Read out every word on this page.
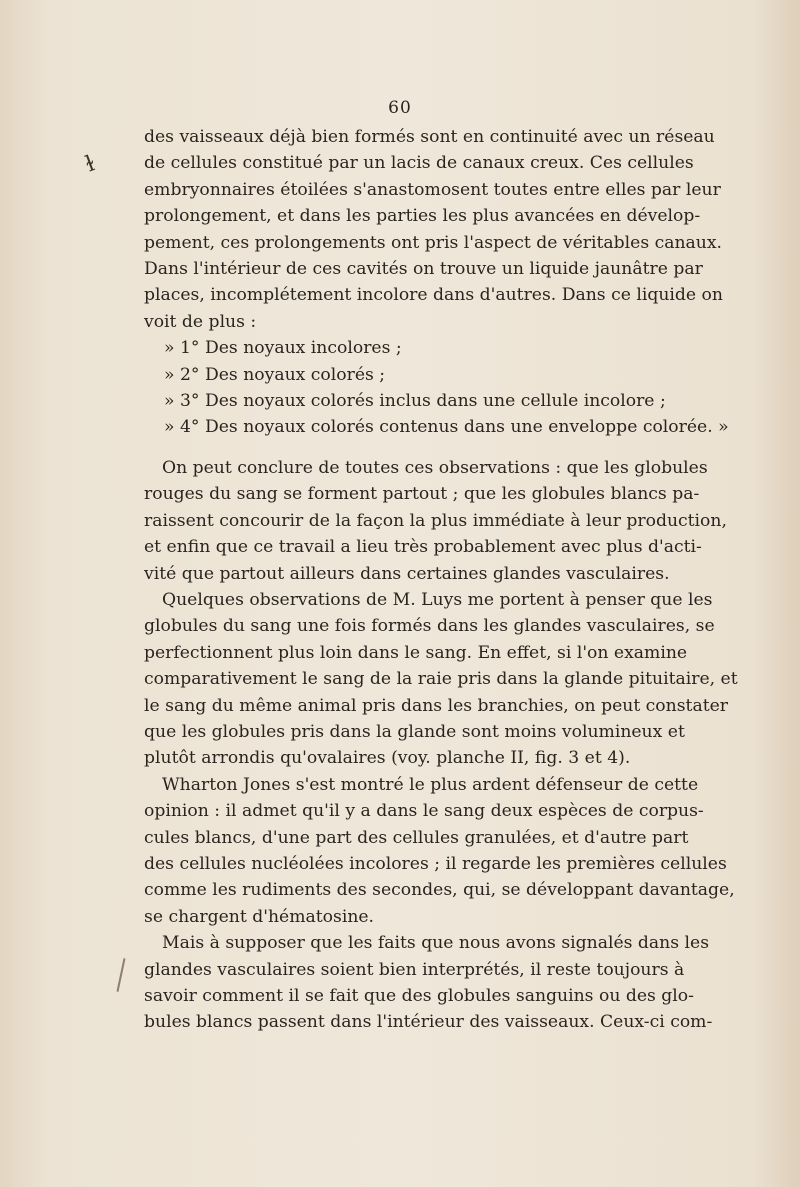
60
ɫ
des vaisseaux déjà bien formés sont en continuité avec un réseau
de cellules constitué par un lacis de canaux creux. Ces cellules
embryonnaires étoilées s'anastomosent toutes entre elles par leur
prolongement, et dans les parties les plus avancées en dévelop-
pement, ces prolongements ont pris l'aspect de véritables canaux.
Dans l'intérieur de ces cavités on trouve un liquide jaunâtre par
places, incomplétement incolore dans d'autres. Dans ce liquide on
voit de plus :
» 1° Des noyaux incolores ;
» 2° Des noyaux colorés ;
» 3° Des noyaux colorés inclus dans une cellule incolore ;
» 4° Des noyaux colorés contenus dans une enveloppe colorée. »
On peut conclure de toutes ces observations : que les globules
rouges du sang se forment partout ; que les globules blancs pa-
raissent concourir de la façon la plus immédiate à leur production,
et enfin que ce travail a lieu très probablement avec plus d'acti-
vité que partout ailleurs dans certaines glandes vasculaires.
Quelques observations de M. Luys me portent à penser que les
globules du sang une fois formés dans les glandes vasculaires, se
perfectionnent plus loin dans le sang. En effet, si l'on examine
comparativement le sang de la raie pris dans la glande pituitaire, et
le sang du même animal pris dans les branchies, on peut constater
que les globules pris dans la glande sont moins volumineux et
plutôt arrondis qu'ovalaires (voy. planche II, fig. 3 et 4).
Wharton Jones s'est montré le plus ardent défenseur de cette
opinion : il admet qu'il y a dans le sang deux espèces de corpus-
cules blancs, d'une part des cellules granulées, et d'autre part
des cellules nucléolées incolores ; il regarde les premières cellules
comme les rudiments des secondes, qui, se développant davantage,
se chargent d'hématosine.
Mais à supposer que les faits que nous avons signalés dans les
glandes vasculaires soient bien interprétés, il reste toujours à
savoir comment il se fait que des globules sanguins ou des glo-
bules blancs passent dans l'intérieur des vaisseaux. Ceux-ci com-
